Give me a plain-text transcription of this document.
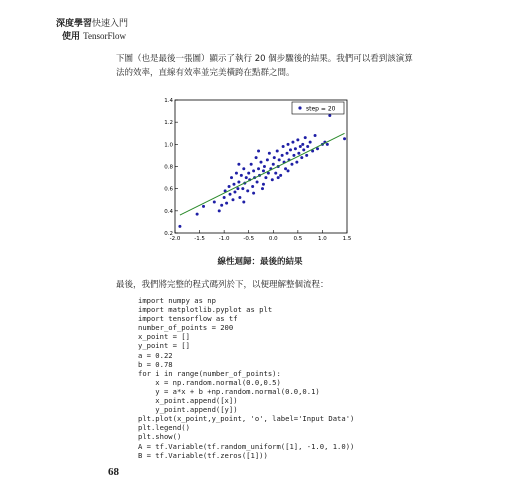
深度學習快速入門
使用 TensorFlow
下圖（也是最後一張圖）顯示了執行 20 個步驟後的結果。我們可以看到該演算法的效率，直線有效率並完美橫跨在點群之間。
-2.0	-1.5	-1.0	-0.5	0.0	0.5	1.0	1.5
0.2
0.4
0.6
0.8
1.0
1.2
1.4
step = 20
線性迴歸：最後的結果
最後，我們將完整的程式碼列於下，以便理解整個流程：
import numpy as np
import matplotlib.pyplot as plt
import tensorflow as tf
number_of_points = 200
x_point = []
y_point = []
a = 0.22
b = 0.78
for i in range(number_of_points):
x = np.random.normal(0.0,0.5)
y = a*x + b +np.random.normal(0.0,0.1)
x_point.append([x])
y_point.append([y])
plt.plot(x_point,y_point, 'o', label='Input Data')
plt.legend()
plt.show()
A = tf.Variable(tf.random_uniform([1], -1.0, 1.0))
B = tf.Variable(tf.zeros([1]))
68
